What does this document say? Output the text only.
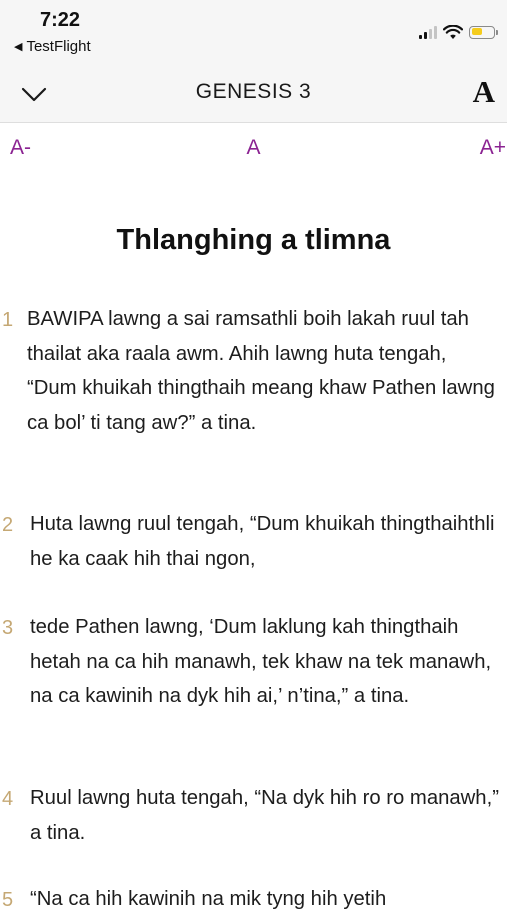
7:22
◀ TestFlight
GENESIS 3	A
A-	A	A+
Thlanghing a tlimna
1 BAWIPA lawng a sai ramsathli boih lakah ruul tah thailat aka raala awm. Ahih lawng huta tengah, “Dum khuikah thingthaih meang khaw Pathen lawng ca bol’ ti tang aw?” a tina.
2 Huta lawng ruul tengah, “Dum khuikah thingthaihthli he ka caak hih thai ngon,
3 tede Pathen lawng, ‘Dum laklung kah thingthaih hetah na ca hih manawh, tek khaw na tek manawh, na ca kawinih na dyk hih ai,’ n’tina,” a tina.
4 Ruul lawng huta tengah, “Na dyk hih ro ro manawh,” a tina.
5 “Na ca hih kawinih na mik tyng hih yetih
